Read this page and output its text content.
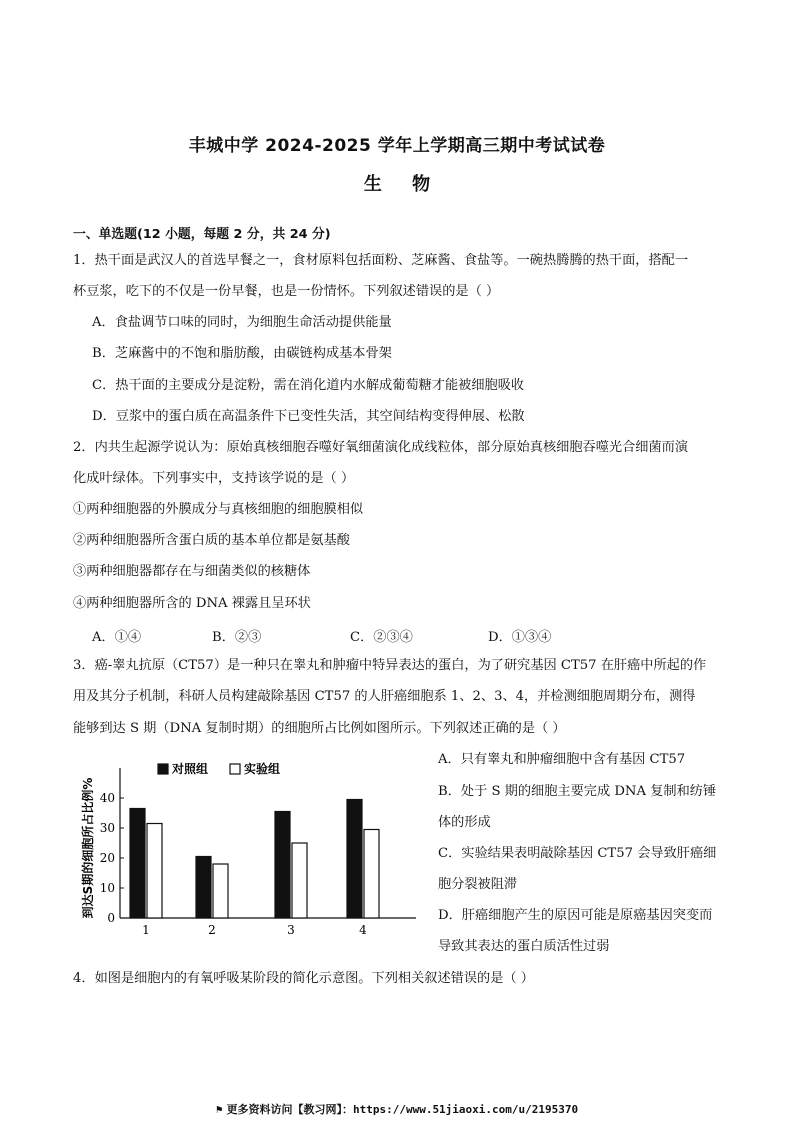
丰城中学 2024-2025 学年上学期高三期中考试试卷
生 物
一、单选题(12 小题，每题 2 分，共 24 分)
1．热干面是武汉人的首选早餐之一，食材原料包括面粉、芝麻酱、食盐等。一碗热腾腾的热干面，搭配一
杯豆浆，吃下的不仅是一份早餐，也是一份情怀。下列叙述错误的是（ ）
A．食盐调节口味的同时，为细胞生命活动提供能量
B．芝麻酱中的不饱和脂肪酸，由碳链构成基本骨架
C．热干面的主要成分是淀粉，需在消化道内水解成葡萄糖才能被细胞吸收
D．豆浆中的蛋白质在高温条件下已变性失活，其空间结构变得伸展、松散
2．内共生起源学说认为：原始真核细胞吞噬好氧细菌演化成线粒体，部分原始真核细胞吞噬光合细菌而演
化成叶绿体。下列事实中，支持该学说的是（ ）
①两种细胞器的外膜成分与真核细胞的细胞膜相似
②两种细胞器所含蛋白质的基本单位都是氨基酸
③两种细胞器都存在与细菌类似的核糖体
④两种细胞器所含的 DNA 裸露且呈环状
A．①④	B．②③	C．②③④	D．①③④
3．癌-睾丸抗原（CT57）是一种只在睾丸和肿瘤中特异表达的蛋白，为了研究基因 CT57 在肝癌中所起的作
用及其分子机制，科研人员构建敲除基因 CT57 的人肝癌细胞系 1、2、3、4，并检测细胞周期分布，测得
能够到达 S 期（DNA 复制时期）的细胞所占比例如图所示。下列叙述正确的是（ ）
0
10
20
30
40
到达S期的细胞所占比例%
1	2	3	4
对照组	实验组
A．只有睾丸和肿瘤细胞中含有基因 CT57
B．处于 S 期的细胞主要完成 DNA 复制和纺锤
体的形成
C．实验结果表明敲除基因 CT57 会导致肝癌细
胞分裂被阻滞
D．肝癌细胞产生的原因可能是原癌基因突变而
导致其表达的蛋白质活性过弱
4．如图是细胞内的有氧呼吸某阶段的简化示意图。下列相关叙述错误的是（ ）
⚑ 更多资料访问【教习网】：https://www.51jiaoxi.com/u/2195370
